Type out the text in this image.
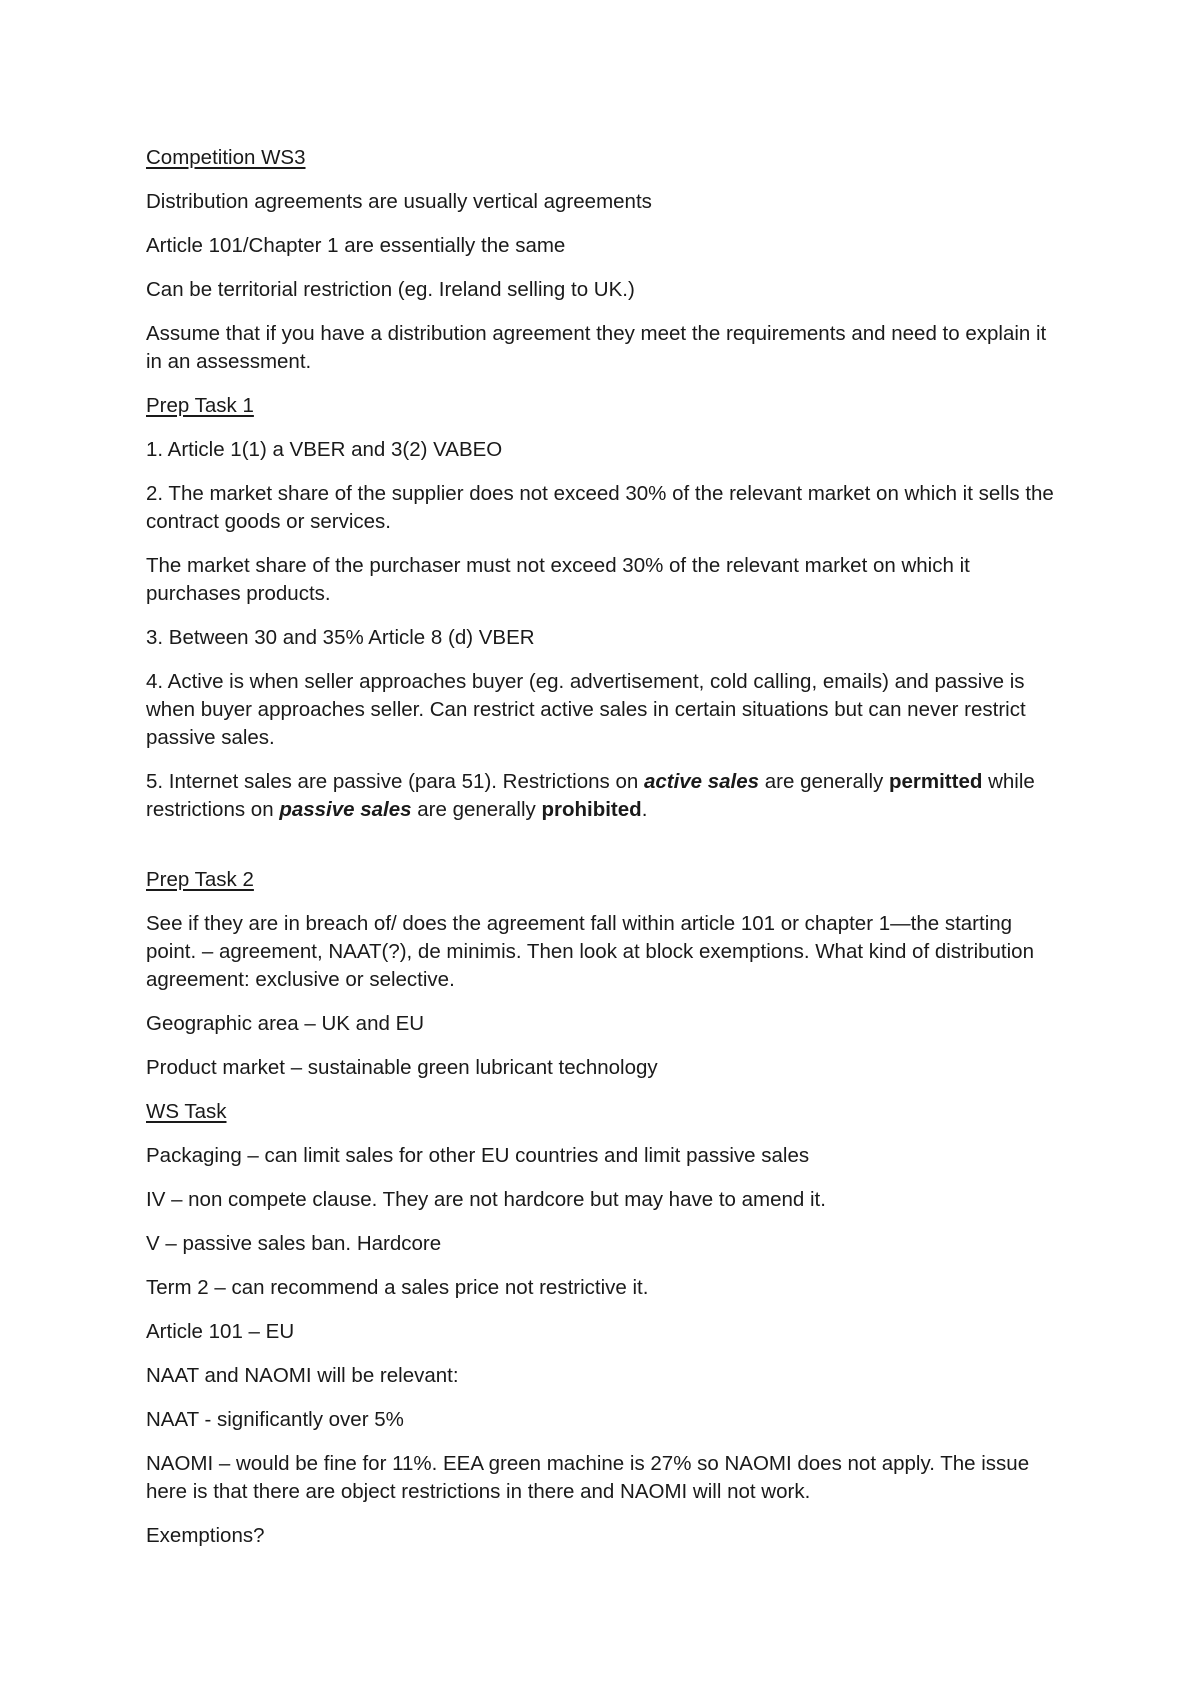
Competition WS3

Distribution agreements are usually vertical agreements

Article 101/Chapter 1 are essentially the same

Can be territorial restriction (eg. Ireland selling to UK.)

Assume that if you have a distribution agreement they meet the requirements and need to explain it in an assessment.

Prep Task 1

1. Article 1(1) a VBER and 3(2) VABEO

2. The market share of the supplier does not exceed 30% of the relevant market on which it sells the contract goods or services.

The market share of the purchaser must not exceed 30% of the relevant market on which it purchases products.

3. Between 30 and 35% Article 8 (d) VBER

4. Active is when seller approaches buyer (eg. advertisement, cold calling, emails) and passive is when buyer approaches seller. Can restrict active sales in certain situations but can never restrict passive sales.

5. Internet sales are passive (para 51). Restrictions on active sales are generally permitted while restrictions on passive sales are generally prohibited.

Prep Task 2

See if they are in breach of/ does the agreement fall within article 101 or chapter 1—the starting point. – agreement, NAAT(?), de minimis. Then look at block exemptions. What kind of distribution agreement: exclusive or selective.

Geographic area – UK and EU

Product market – sustainable green lubricant technology

WS Task

Packaging – can limit sales for other EU countries and limit passive sales

IV – non compete clause. They are not hardcore but may have to amend it.

V – passive sales ban. Hardcore

Term 2 – can recommend a sales price not restrictive it.

Article 101 – EU

NAAT and NAOMI will be relevant:

NAAT - significantly over 5%

NAOMI – would be fine for 11%. EEA green machine is 27% so NAOMI does not apply. The issue here is that there are object restrictions in there and NAOMI will not work.

Exemptions?
